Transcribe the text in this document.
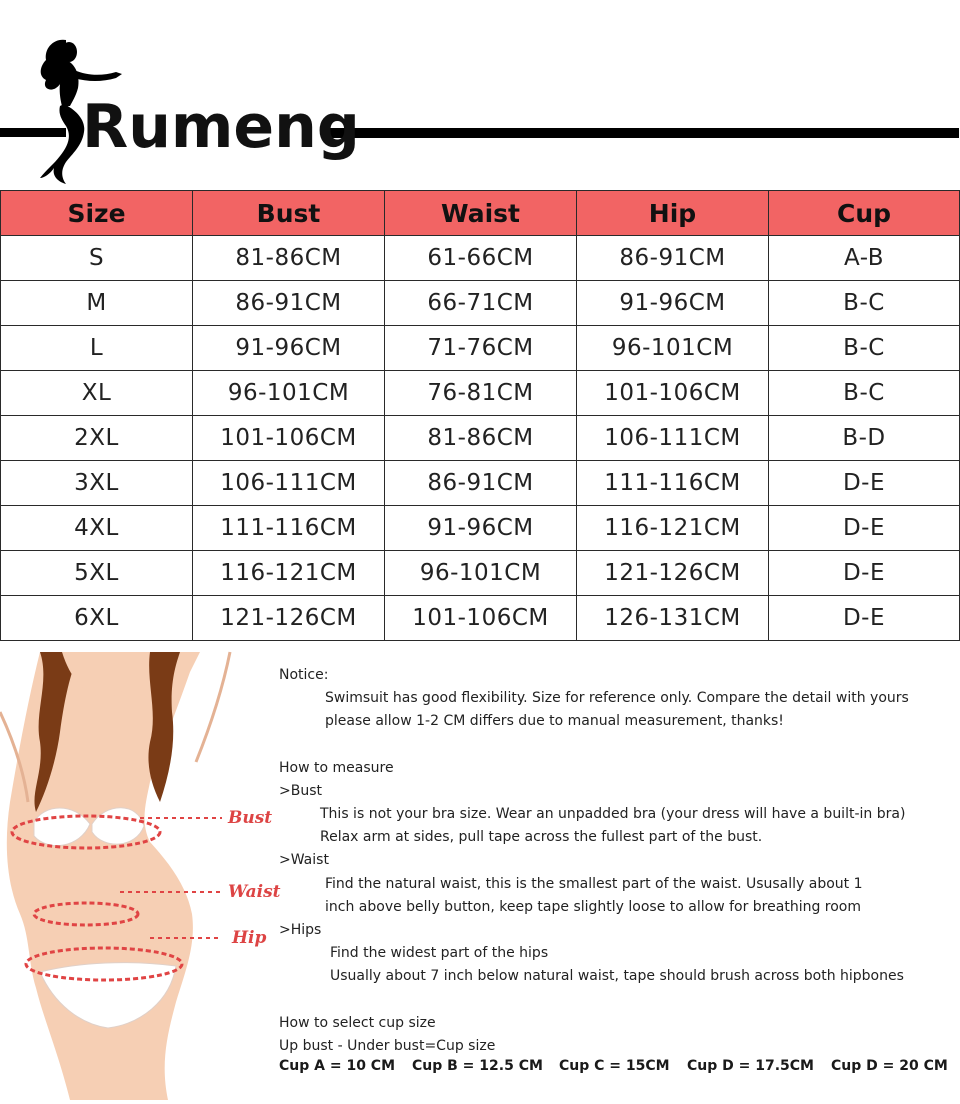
Rumeng
Size	Bust	Waist	Hip	Cup
S	81-86CM	61-66CM	86-91CM	A-B
M	86-91CM	66-71CM	91-96CM	B-C
L	91-96CM	71-76CM	96-101CM	B-C
XL	96-101CM	76-81CM	101-106CM	B-C
2XL	101-106CM	81-86CM	106-111CM	B-D
3XL	106-111CM	86-91CM	111-116CM	D-E
4XL	111-116CM	91-96CM	116-121CM	D-E
5XL	116-121CM	96-101CM	121-126CM	D-E
6XL	121-126CM	101-106CM	126-131CM	D-E
Bust
Waist
Hip
Notice:
Swimsuit has good flexibility. Size for reference only. Compare the detail with yours
please allow 1-2 CM differs due to manual measurement, thanks!
How to measure
>Bust
This is not your bra size. Wear an unpadded bra (your dress will have a built-in bra)
Relax arm at sides, pull tape across the fullest part of the bust.
>Waist
Find the natural waist, this is the smallest part of the waist. Ususally about 1
inch above belly button, keep tape slightly loose to allow for breathing room
>Hips
Find the widest part of the hips
Usually about 7 inch below natural waist, tape should brush across both hipbones
How to select cup size
Up bust - Under bust=Cup size
Cup A = 10 CM Cup B = 12.5 CM Cup C = 15CM Cup D = 17.5CM Cup D = 20 CM
